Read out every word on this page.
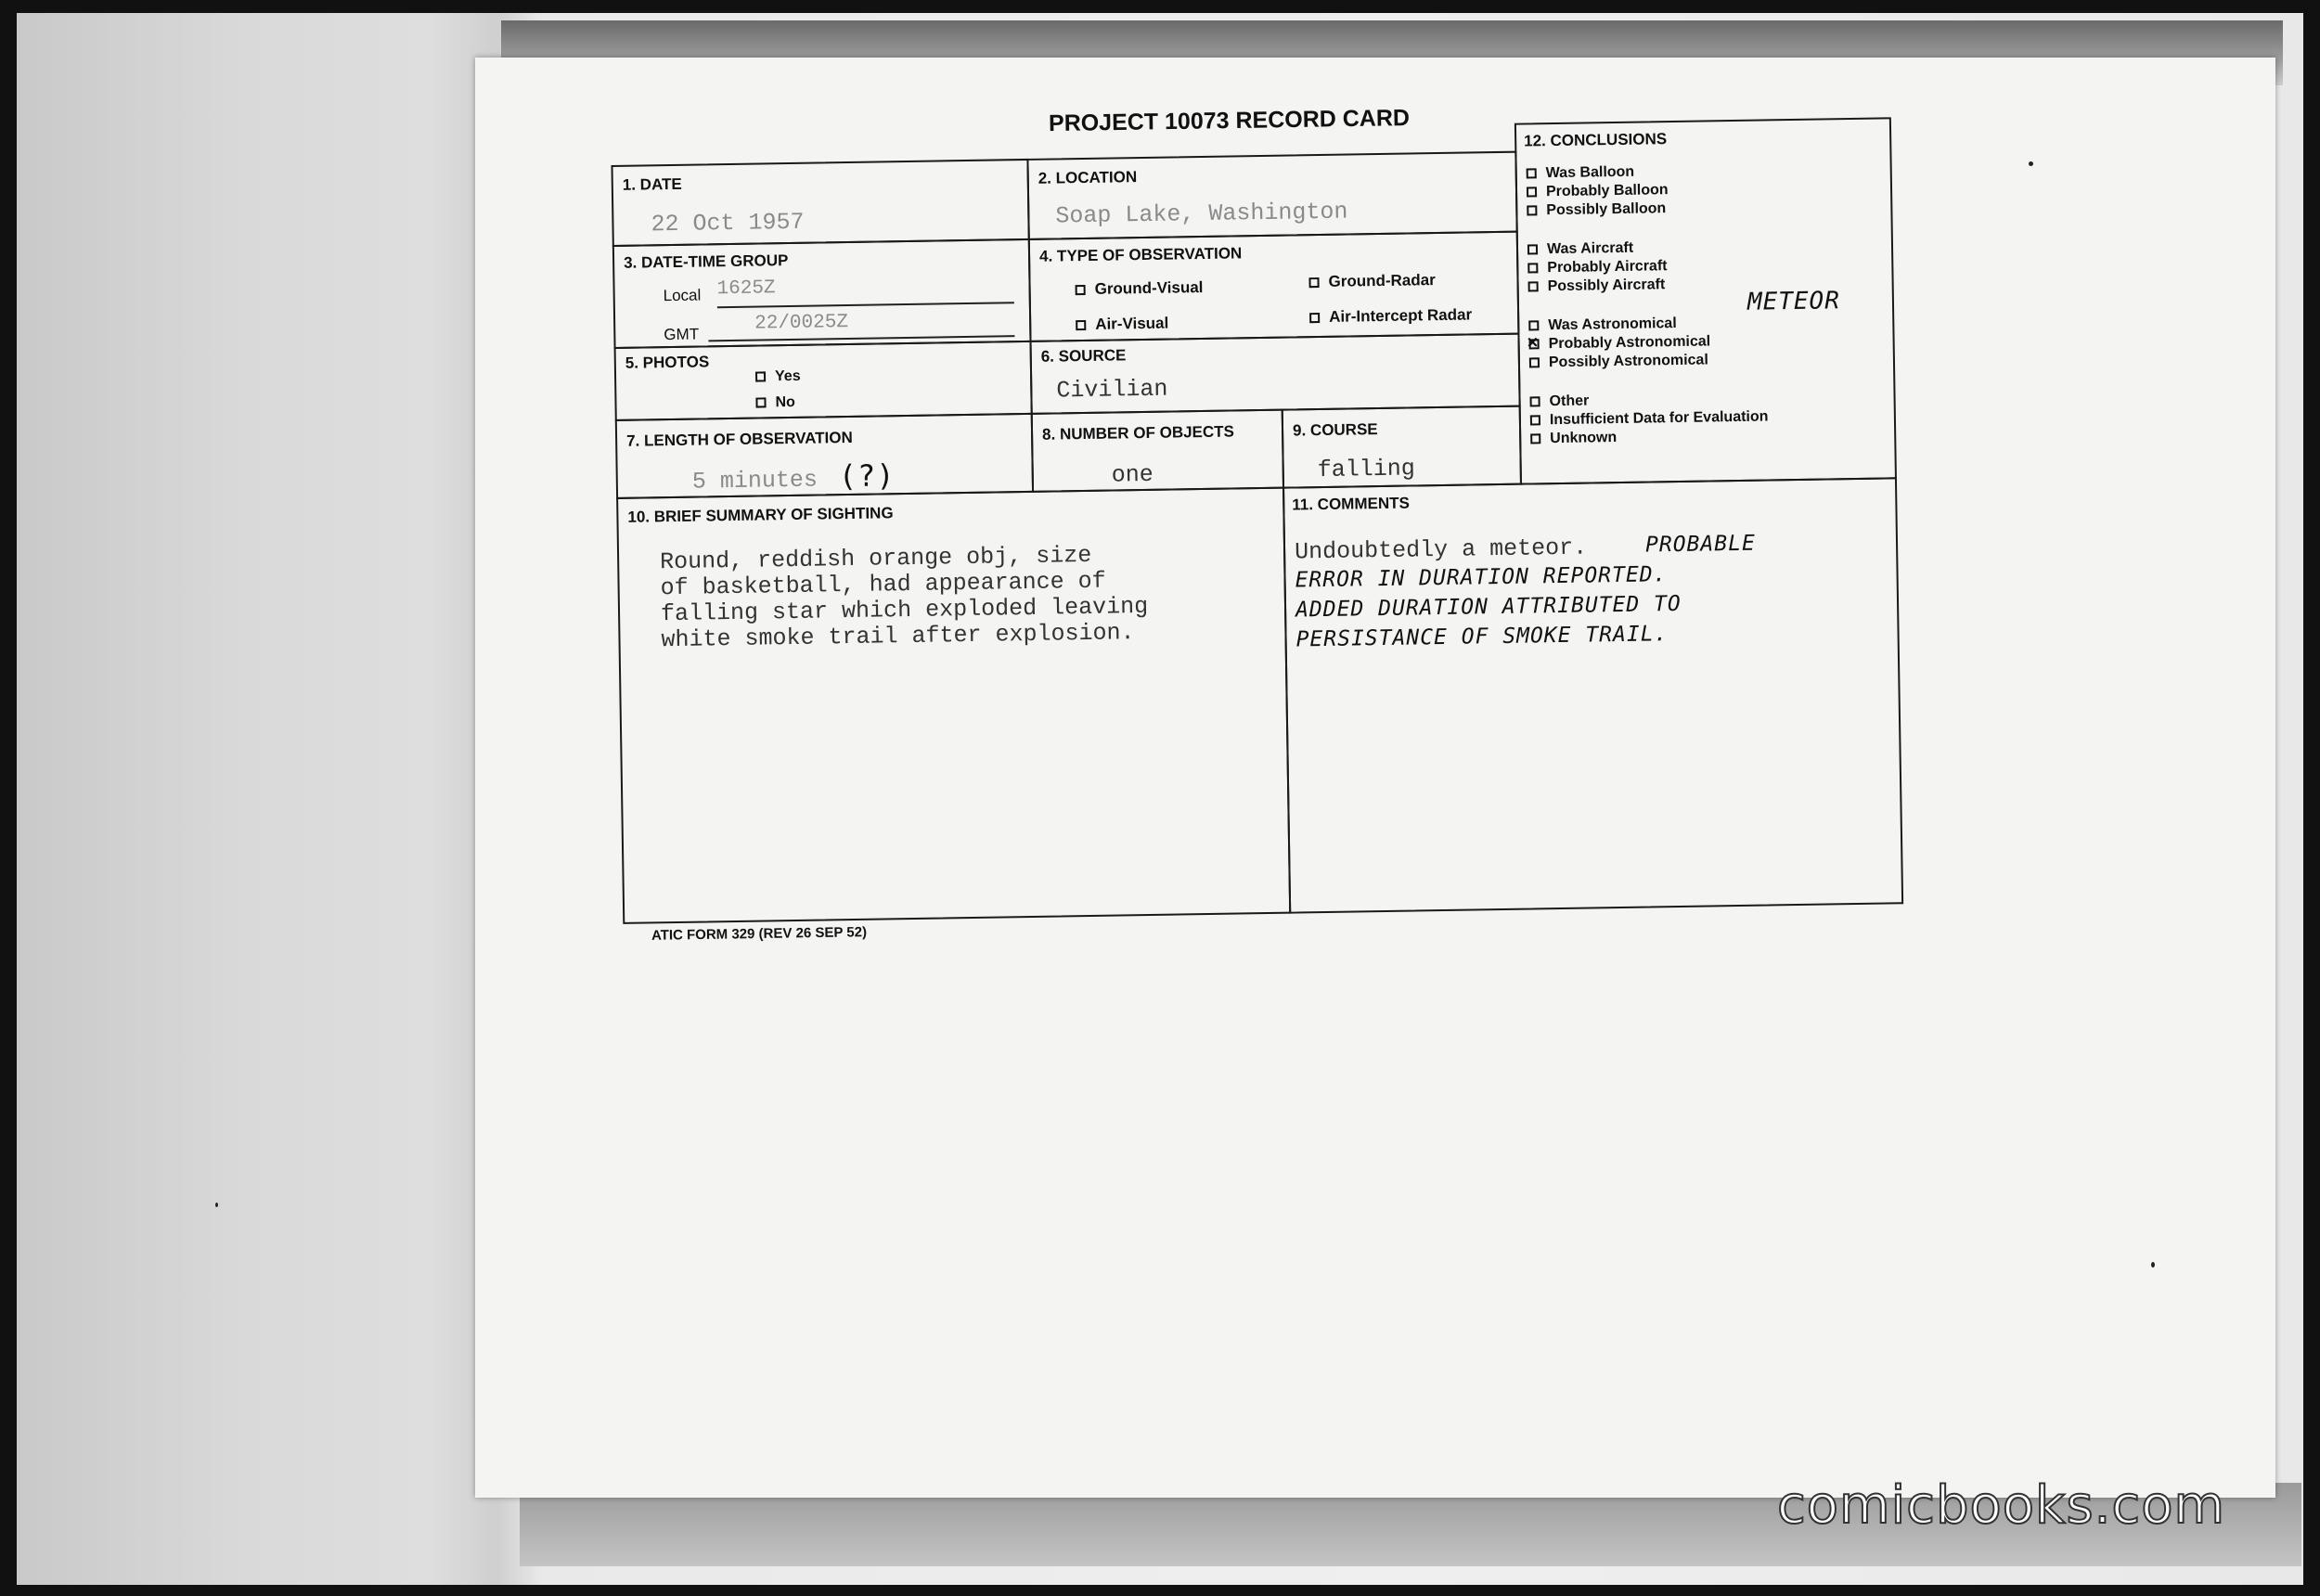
PROJECT 10073 RECORD CARD
1. DATE
22 Oct 1957
2. LOCATION
Soap Lake, Washington
3. DATE-TIME GROUP
Local 1625Z
GMT	22/0025Z
4. TYPE OF OBSERVATION
Ground-Visual	Ground-Radar
Air-Visual	Air-Intercept Radar
5. PHOTOS
Yes
No
6. SOURCE
Civilian
7. LENGTH OF OBSERVATION
5 minutes (?)
8. NUMBER OF OBJECTS
one
9. COURSE
falling
12. CONCLUSIONS
Was Balloon
Probably Balloon
Possibly Balloon
Was Aircraft
Probably Aircraft
Possibly Aircraft
Was Astronomical
×Probably Astronomical
Possibly Astronomical
Other
Insufficient Data for Evaluation
Unknown
METEOR
10. BRIEF SUMMARY OF SIGHTING
Round, reddish orange obj, size
of basketball, had appearance of
falling star which exploded leaving
white smoke trail after explosion.
11. COMMENTS
Undoubtedly a meteor.	PROBABLE
ERROR IN DURATION REPORTED.
ADDED DURATION ATTRIBUTED TO
PERSISTANCE OF SMOKE TRAIL.
ATIC FORM 329 (REV 26 SEP 52)
comicbooks.com
